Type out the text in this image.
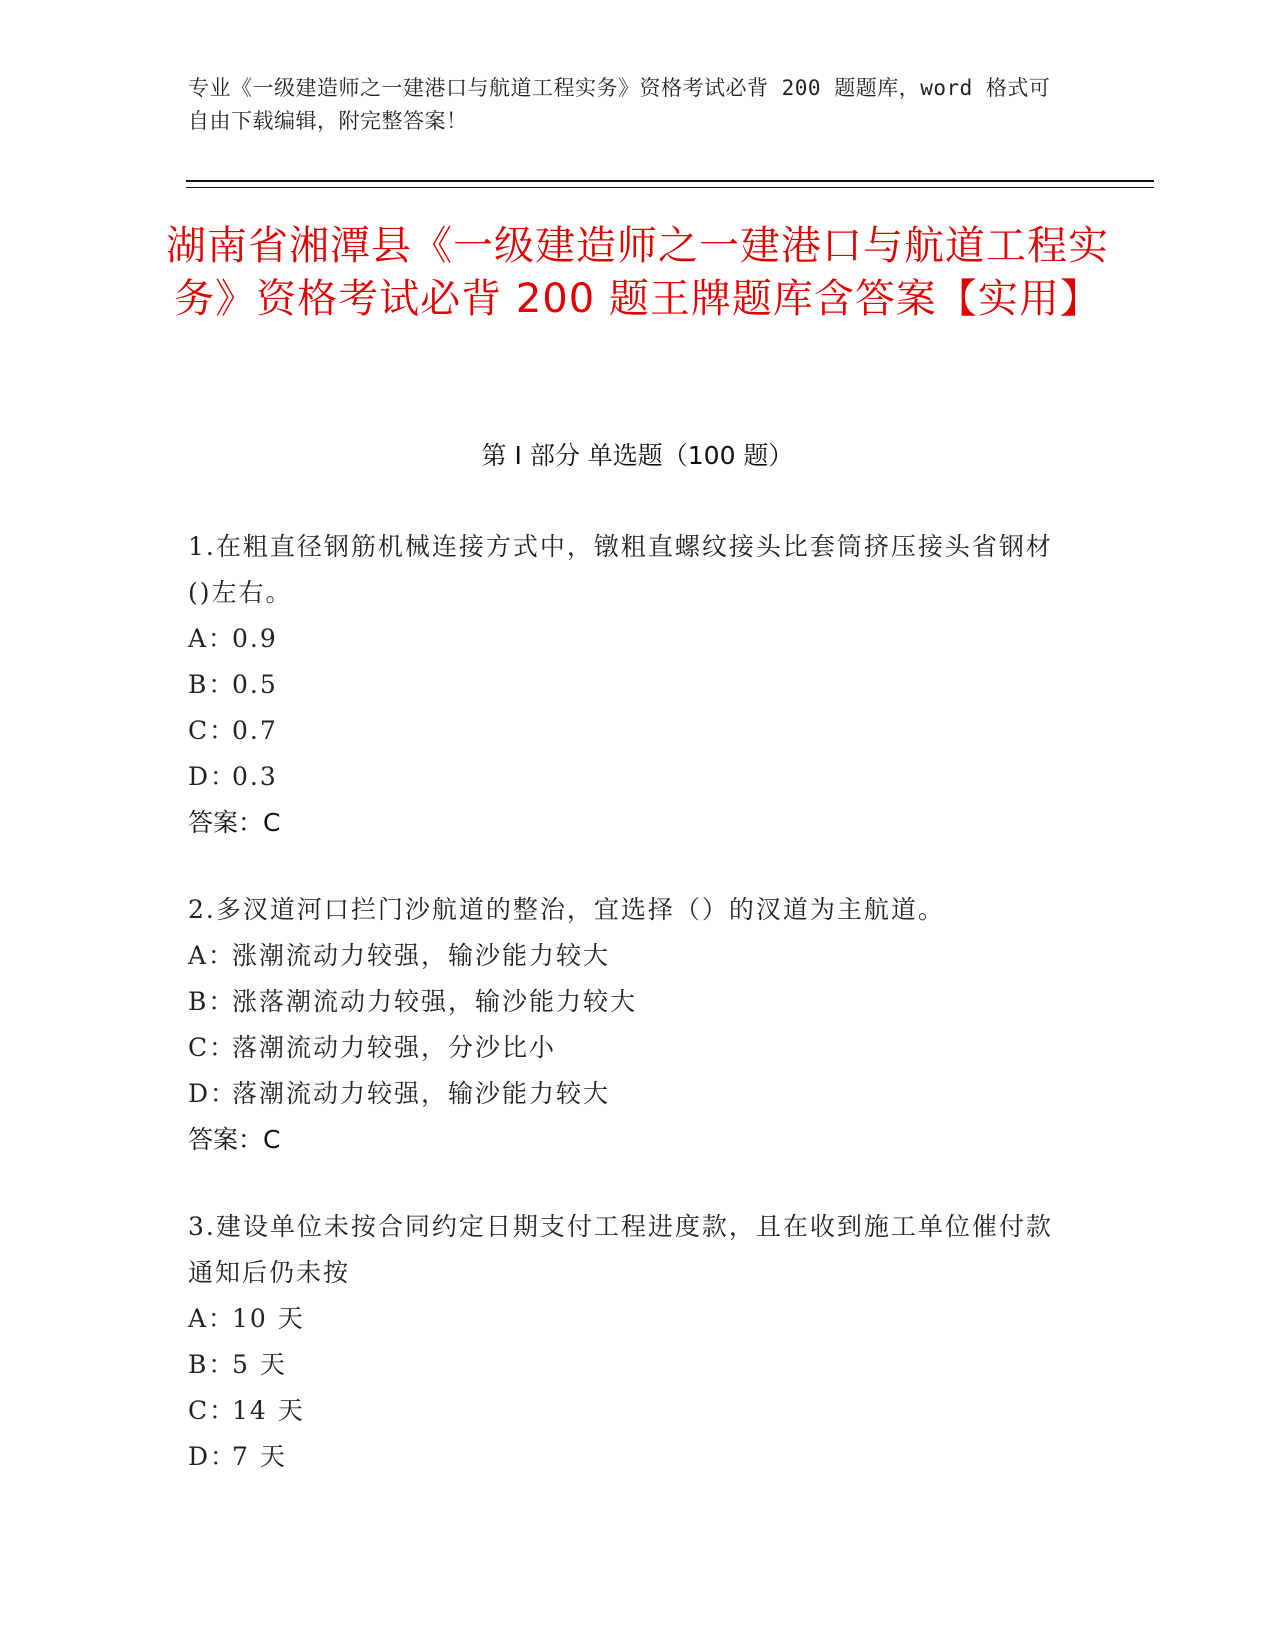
专业《一级建造师之一建港口与航道工程实务》资格考试必背 200 题题库，word 格式可自由下载编辑，附完整答案！
湖南省湘潭县《一级建造师之一建港口与航道工程实务》资格考试必背 200 题王牌题库含答案【实用】
第 I 部分 单选题（100 题）
1.在粗直径钢筋机械连接方式中，镦粗直螺纹接头比套筒挤压接头省钢材()左右。
A：0.9
B：0.5
C：0.7
D：0.3
答案：C
2.多汊道河口拦门沙航道的整治，宜选择（）的汊道为主航道。
A：涨潮流动力较强，输沙能力较大
B：涨落潮流动力较强，输沙能力较大
C：落潮流动力较强，分沙比小
D：落潮流动力较强，输沙能力较大
答案：C
3.建设单位未按合同约定日期支付工程进度款，且在收到施工单位催付款通知后仍未按
A：10 天
B：5 天
C：14 天
D：7 天
